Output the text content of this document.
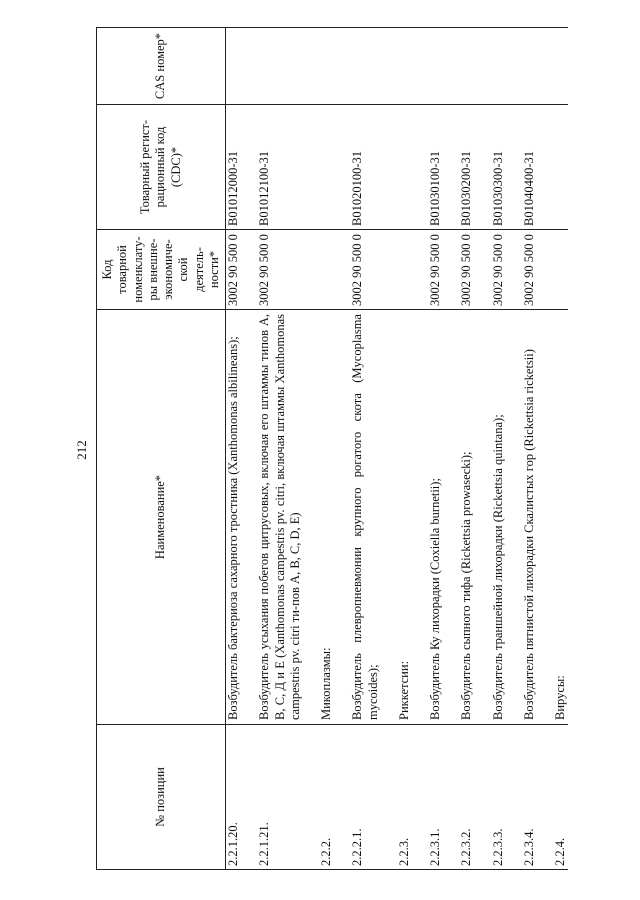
212
№ позиции	Наименование*	Код товарной номенклату-ры внешне-экономиче-ской деятель-ности*	Товарный регист-рационный код (CDC)*	CAS номер*
2.2.1.20.	Возбудитель бактериоза сахарного тростника (Xanthomonas albilineans);	3002 90 500 0	B01012000-31	

2.2.1.21.	Возбудитель усыхания побегов цитрусовых, включая его штаммы типов A, B, C, Д и E (Xanthomonas campestris pv. citri, включая штаммы Xanthomonas campestris pv. citri ти-пов A, B, C, D, E)	3002 90 500 0	B01012100-31	

2.2.2.	Микоплазмы:			

2.2.2.1.	Возбудитель плевропневмонии крупного рогатого скота (Mycoplasma mycoides);	3002 90 500 0	B01020100-31	

2.2.3.	Риккетсии:			

2.2.3.1.	Возбудитель Ку лихорадки (Coxiella burnetii);	3002 90 500 0	B01030100-31	

2.2.3.2.	Возбудитель сыпного тифа (Rickettsia prowasecki);	3002 90 500 0	B01030200-31	

2.2.3.3.	Возбудитель траншейной лихорадки (Rickettsia quintana);	3002 90 500 0	B01030300-31	

2.2.3.4.	Возбудитель пятнистой лихорадки Скалистых гор (Rickettsia ricketsii)	3002 90 500 0	B01040400-31	

2.2.4.	Вирусы:			
